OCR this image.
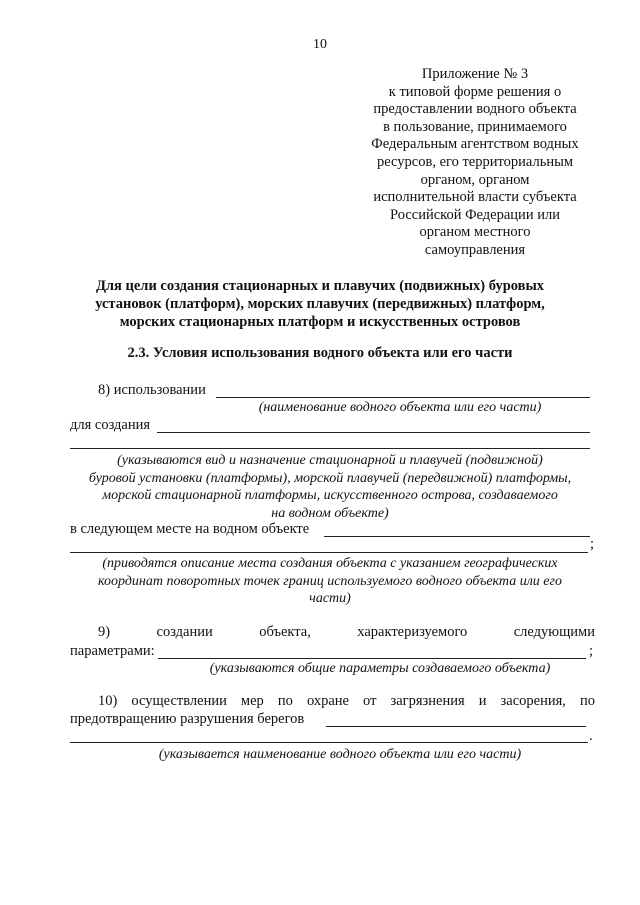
10
Приложение № 3
к типовой форме решения о
предоставлении водного объекта
в пользование, принимаемого
Федеральным агентством водных
ресурсов, его территориальным
органом, органом
исполнительной власти субъекта
Российской Федерации или
органом местного
самоуправления
Для цели создания стационарных и плавучих (подвижных) буровых
установок (платформ), морских плавучих (передвижных) платформ,
морских стационарных платформ и искусственных островов
2.3. Условия использования водного объекта или его части
8) использовании
(наименование водного объекта или его части)
для создания
(указываются вид и назначение стационарной и плавучей (подвижной)
буровой установки (платформы), морской плавучей (передвижной) платформы,
морской стационарной платформы, искусственного острова, создаваемого
на водном объекте)
в следующем месте на водном объекте
;
(приводятся описание места создания объекта с указанием географических
координат поворотных точек границ используемого водного объекта или его
части)
9)	создании	объекта,	характеризуемого	следующими
параметрами:	;
(указываются общие параметры создаваемого объекта)
10) осуществлении мер по охране от загрязнения и засорения, по
предотвращению разрушения берегов
.
(указывается наименование водного объекта или его части)
